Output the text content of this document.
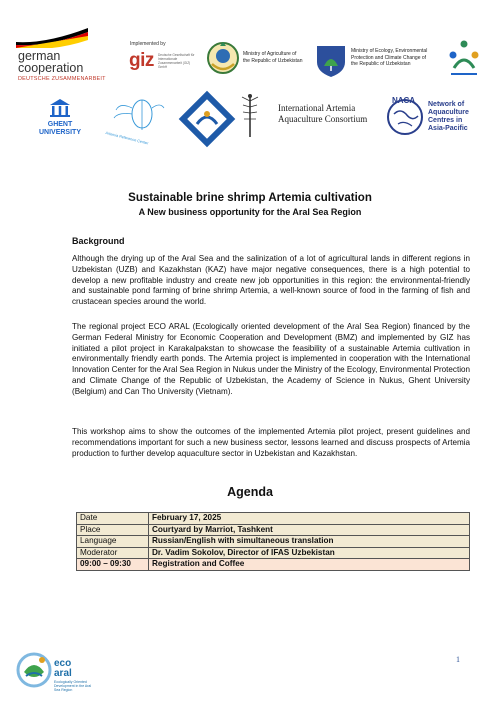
german
cooperation
DEUTSCHE ZUSAMMENARBEIT
Implemented by
giz Deutsche Gesellschaft für Internationale Zusammenarbeit (GIZ) GmbH
Ministry of Agriculture of
the Republic of Uzbekistan
Ministry of Ecology, Environmental
Protection and Climate Change of
the Republic of Uzbekistan
GHENT
UNIVERSITY	Artemia Reference Center
International Artemia
Aquaculture Consortium
NACA Network of
Aquaculture
Centres in
Asia-Pacific
Sustainable brine shrimp Artemia cultivation
A New business opportunity for the Aral Sea Region
Background
Although the drying up of the Aral Sea and the salinization of a lot of agricultural lands in different regions in Uzbekistan (UZB) and Kazakhstan (KAZ) have major negative consequences, there is a high potential to develop a new profitable industry and create new job opportunities in this region: the environmental-friendly and sustainable pond farming of brine shrimp Artemia, a well-known source of food in the farming of fish and crustacean species around the world.
The regional project ECO ARAL (Ecologically oriented development of the Aral Sea Region) financed by the German Federal Ministry for Economic Cooperation and Development (BMZ) and implemented by GIZ has initiated a pilot project in Karakalpakstan to showcase the feasibility of a sustainable Artemia cultivation in environmentally friendly earth ponds. The Artemia project is implemented in cooperation with the International Innovation Center for the Aral Sea Region in Nukus under the Ministry of the Ecology, Environmental Protection and Climate Change of the Republic of Uzbekistan, the Academy of Science in Nukus, Ghent University (Belgium) and Can Tho University (Vietnam).
This workshop aims to show the outcomes of the implemented Artemia pilot project, present guidelines and recommendations important for such a new business sector, lessons learned and discuss prospects of Artemia production to further develop aquaculture sector in Uzbekistan and Kazakhstan.
Agenda
Date	February 17, 2025
Place	Courtyard by Marriot, Tashkent
Language	Russian/English with simultaneous translation
Moderator	Dr. Vadim Sokolov, Director of IFAS Uzbekistan
09:00 – 09:30	Registration and Coffee
eco
aral
Ecologically Oriented Development in the Aral Sea Region
1
